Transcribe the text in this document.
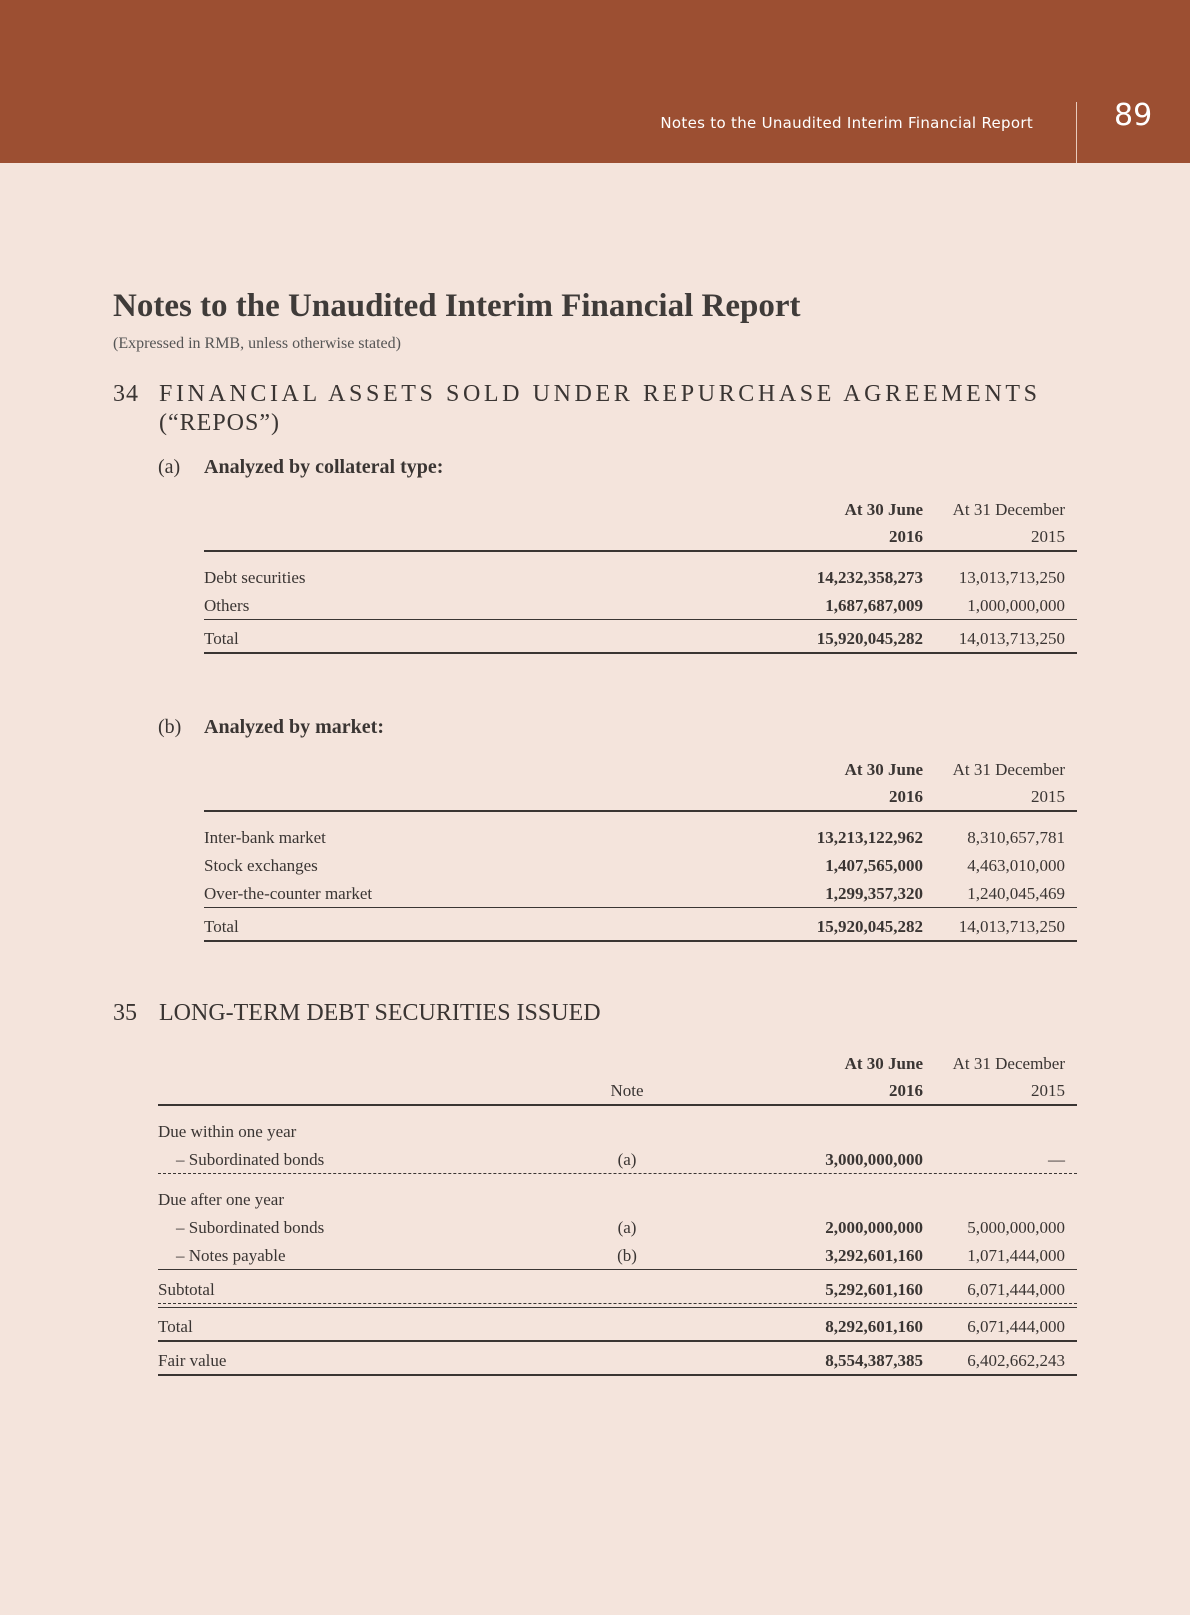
Notes to the Unaudited Interim Financial Report	89
Notes to the Unaudited Interim Financial Report
(Expressed in RMB, unless otherwise stated)
34 FINANCIAL ASSETS SOLD UNDER REPURCHASE AGREEMENTS
(“REPOS”)
(a) Analyzed by collateral type:
At 30 June	At 31 December
2016	2015
Debt securities	14,232,358,273	13,013,713,250
Others	1,687,687,009	1,000,000,000
Total	15,920,045,282	14,013,713,250
(b) Analyzed by market:
At 30 June	At 31 December
2016	2015
Inter-bank market	13,213,122,962	8,310,657,781
Stock exchanges	1,407,565,000	4,463,010,000
Over-the-counter market	1,299,357,320	1,240,045,469
Total	15,920,045,282	14,013,713,250
35 LONG-TERM DEBT SECURITIES ISSUED
At 30 June	At 31 December
Note	2016	2015
Due within one year
– Subordinated bonds	(a)	3,000,000,000	—
Due after one year
– Subordinated bonds	(a)	2,000,000,000	5,000,000,000
– Notes payable	(b)	3,292,601,160	1,071,444,000
Subtotal	5,292,601,160	6,071,444,000
Total	8,292,601,160	6,071,444,000
Fair value	8,554,387,385	6,402,662,243
